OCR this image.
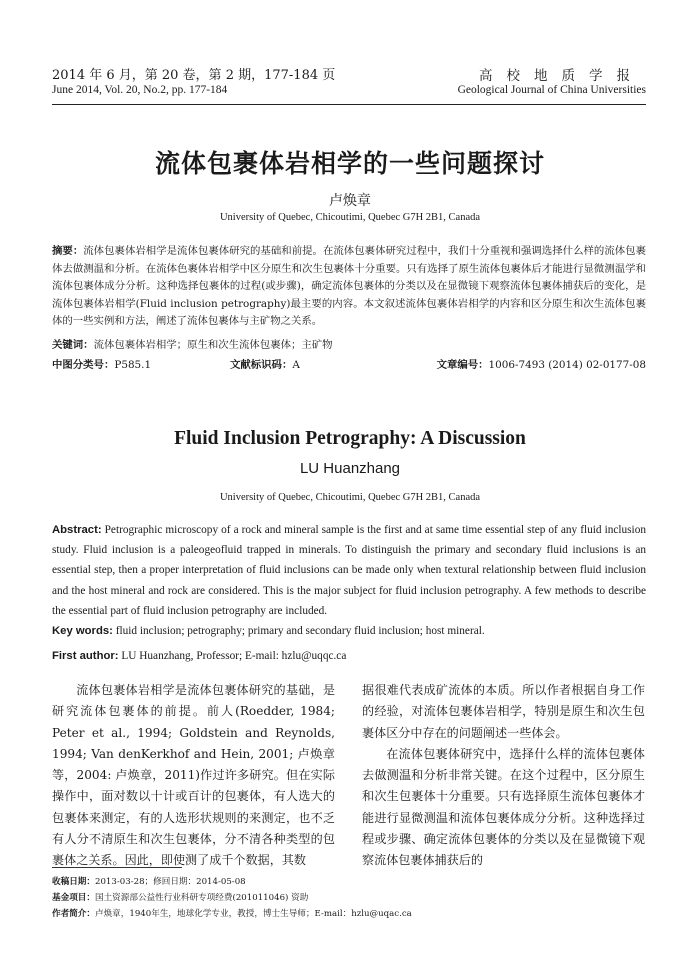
2014 年 6 月，第 20 卷，第 2 期，177-184 页
June 2014, Vol. 20, No.2, pp. 177-184
高校地质学报
Geological Journal of China Universities
流体包裹体岩相学的一些问题探讨
卢焕章
University of Quebec, Chicoutimi, Quebec G7H 2B1, Canada
摘要：流体包裹体岩相学是流体包裹体研究的基础和前提。在流体包裹体研究过程中，我们十分重视和强调选择什么样的流体包裹体去做测温和分析。在流体色裹体岩相学中区分原生和次生包裹体十分重要。只有选择了原生流体包裹体后才能进行显微测温学和流体包裹体成分分析。这种选择包裹体的过程(或步骤)，确定流体包裹体的分类以及在显微镜下观察流体包裹体捕获后的变化，是流体包裹体岩相学(Fluid inclusion petrography)最主要的内容。本文叙述流体包裹体岩相学的内容和区分原生和次生流体包裹体的一些实例和方法，阐述了流体包裹体与主矿物之关系。
关键词：流体包裹体岩相学；原生和次生流体包裹体；主矿物
中图分类号：P585.1	文献标识码：A	文章编号：1006-7493 (2014) 02-0177-08
Fluid Inclusion Petrography: A Discussion
LU Huanzhang
University of Quebec, Chicoutimi, Quebec G7H 2B1, Canada
Abstract: Petrographic microscopy of a rock and mineral sample is the first and at same time essential step of any fluid inclusion study. Fluid inclusion is a paleogeofluid trapped in minerals. To distinguish the primary and secondary fluid inclusions is an essential step, then a proper interpretation of fluid inclusions can be made only when textural relationship between fluid inclusion and the host mineral and rock are considered. This is the major subject for fluid inclusion petrography. A few methods to describe the essential part of fluid inclusion petrography are included.
Key words: fluid inclusion; petrography; primary and secondary fluid inclusion; host mineral.
First author: LU Huanzhang, Professor; E-mail: hzlu@uqqc.ca

流体包裹体岩相学是流体包裹体研究的基础，是研究流体包裹体的前提。前人(Roedder, 1984; Peter et al., 1994; Goldstein and Reynolds, 1994; Van denKerkhof and Hein, 2001; 卢焕章等，2004: 卢焕章，2011)作过许多研究。但在实际操作中，面对数以十计或百计的包裹体，有人选大的包裹体来测定，有的人选形状规则的来测定，也不乏有人分不清原生和次生包裹体，分不清各种类型的包裹体之关系。因此，即使测了成千个数据，其数

据很难代表成矿流体的本质。所以作者根据自身工作的经验，对流体包裹体岩相学，特别是原生和次生包裹体区分中存在的问题阐述一些体会。

在流体包裹体研究中，选择什么样的流体包裹体去做测温和分析非常关键。在这个过程中，区分原生和次生包裹体十分重要。只有选择原生流体包裹体才能进行显微测温和流体包裹体成分分析。这种选择过程或步骤、确定流体包裹体的分类以及在显微镜下观察流体包裹体捕获后的

收稿日期：2013-03-28；修回日期：2014-05-08
基金项目：国土资源部公益性行业科研专项经费(201011046) 资助
作者简介：卢焕章，1940年生，地球化学专业，教授，博士生导师；E-mail：hzlu@uqac.ca
